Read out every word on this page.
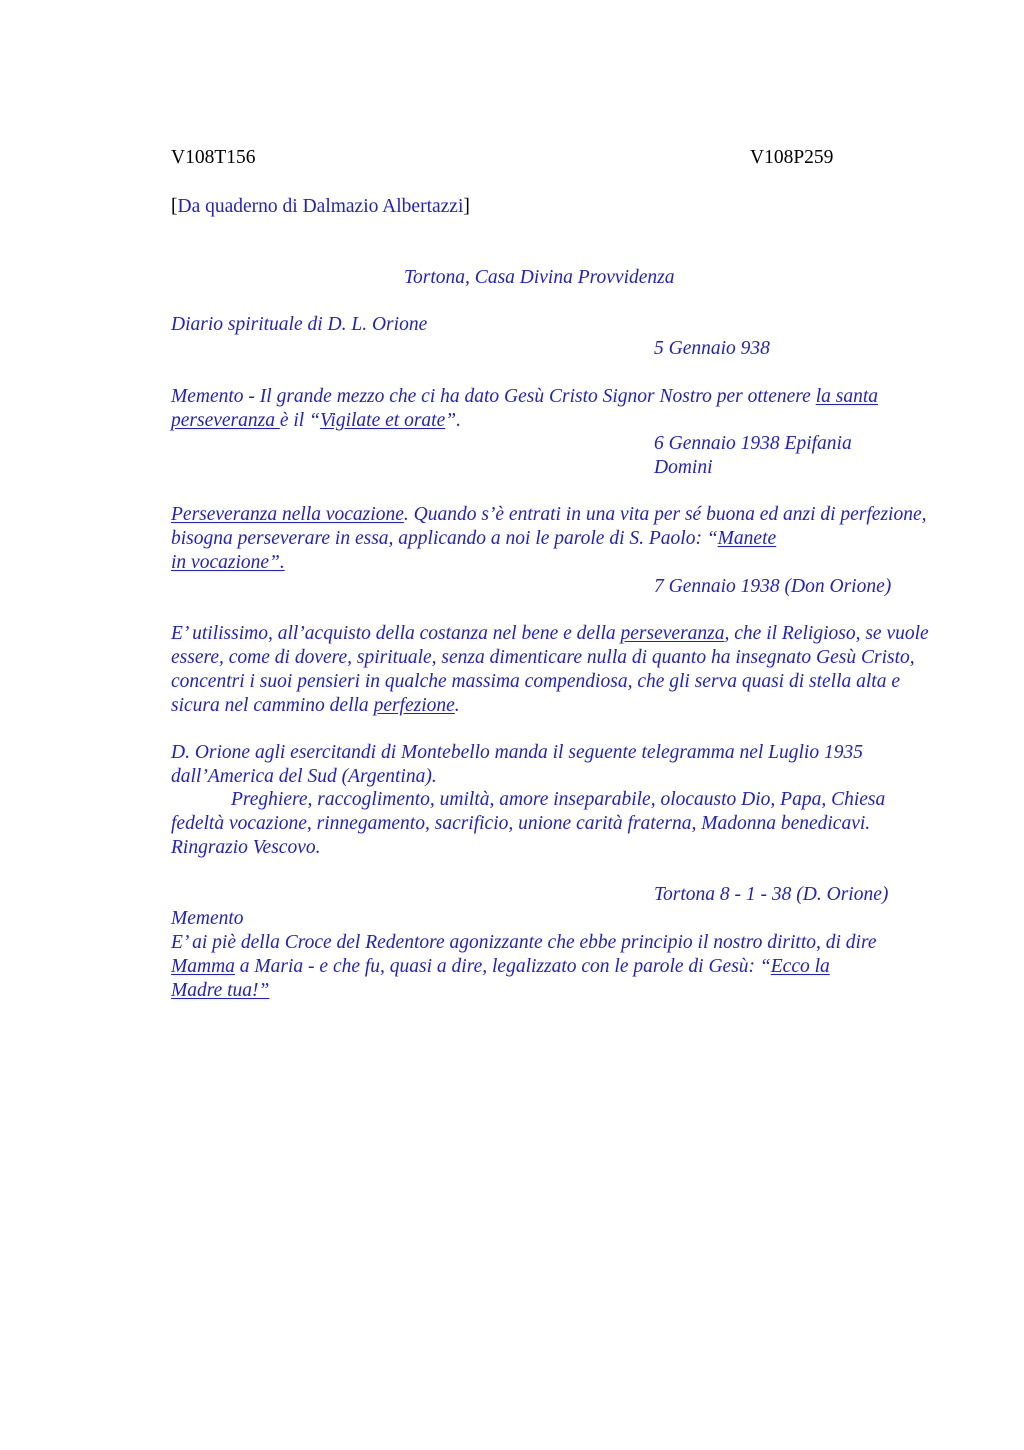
V108T156	V108P259
[Da quaderno di Dalmazio Albertazzi]
Tortona, Casa Divina Provvidenza
Diario spirituale di D. L. Orione
5 Gennaio 938

Memento - Il grande mezzo che ci ha dato Gesù Cristo Signor Nostro per ottenere la santa
perseveranza è il “Vigilate et orate”.

6 Gennaio 1938 Epifania
Domini

Perseveranza nella vocazione. Quando s’è entrati in una vita per sé buona ed anzi di perfezione, bisogna perseverare in essa, applicando a noi le parole di S. Paolo: “Manete
in vocazione”.

7 Gennaio 1938 (Don Orione)

E’ utilissimo, all’acquisto della costanza nel bene e della perseveranza, che il Religioso, se vuole essere, come di dovere, spirituale, senza dimenticare nulla di quanto ha insegnato Gesù Cristo, concentri i suoi pensieri in qualche massima compendiosa, che gli serva quasi di stella alta e sicura nel cammino della perfezione.

D. Orione agli esercitandi di Montebello manda il seguente telegramma nel Luglio 1935 dall’America del Sud (Argentina).

Preghiere, raccoglimento, umiltà, amore inseparabile, olocausto Dio, Papa, Chiesa fedeltà vocazione, rinnegamento, sacrificio, unione carità fraterna, Madonna benedicavi. Ringrazio Vescovo.

Tortona 8 - 1 - 38 (D. Orione)
Memento

E’ ai piè della Croce del Redentore agonizzante che ebbe principio il nostro diritto, di dire Mamma a Maria - e che fu, quasi a dire, legalizzato con le parole di Gesù: “Ecco la
Madre tua!”
